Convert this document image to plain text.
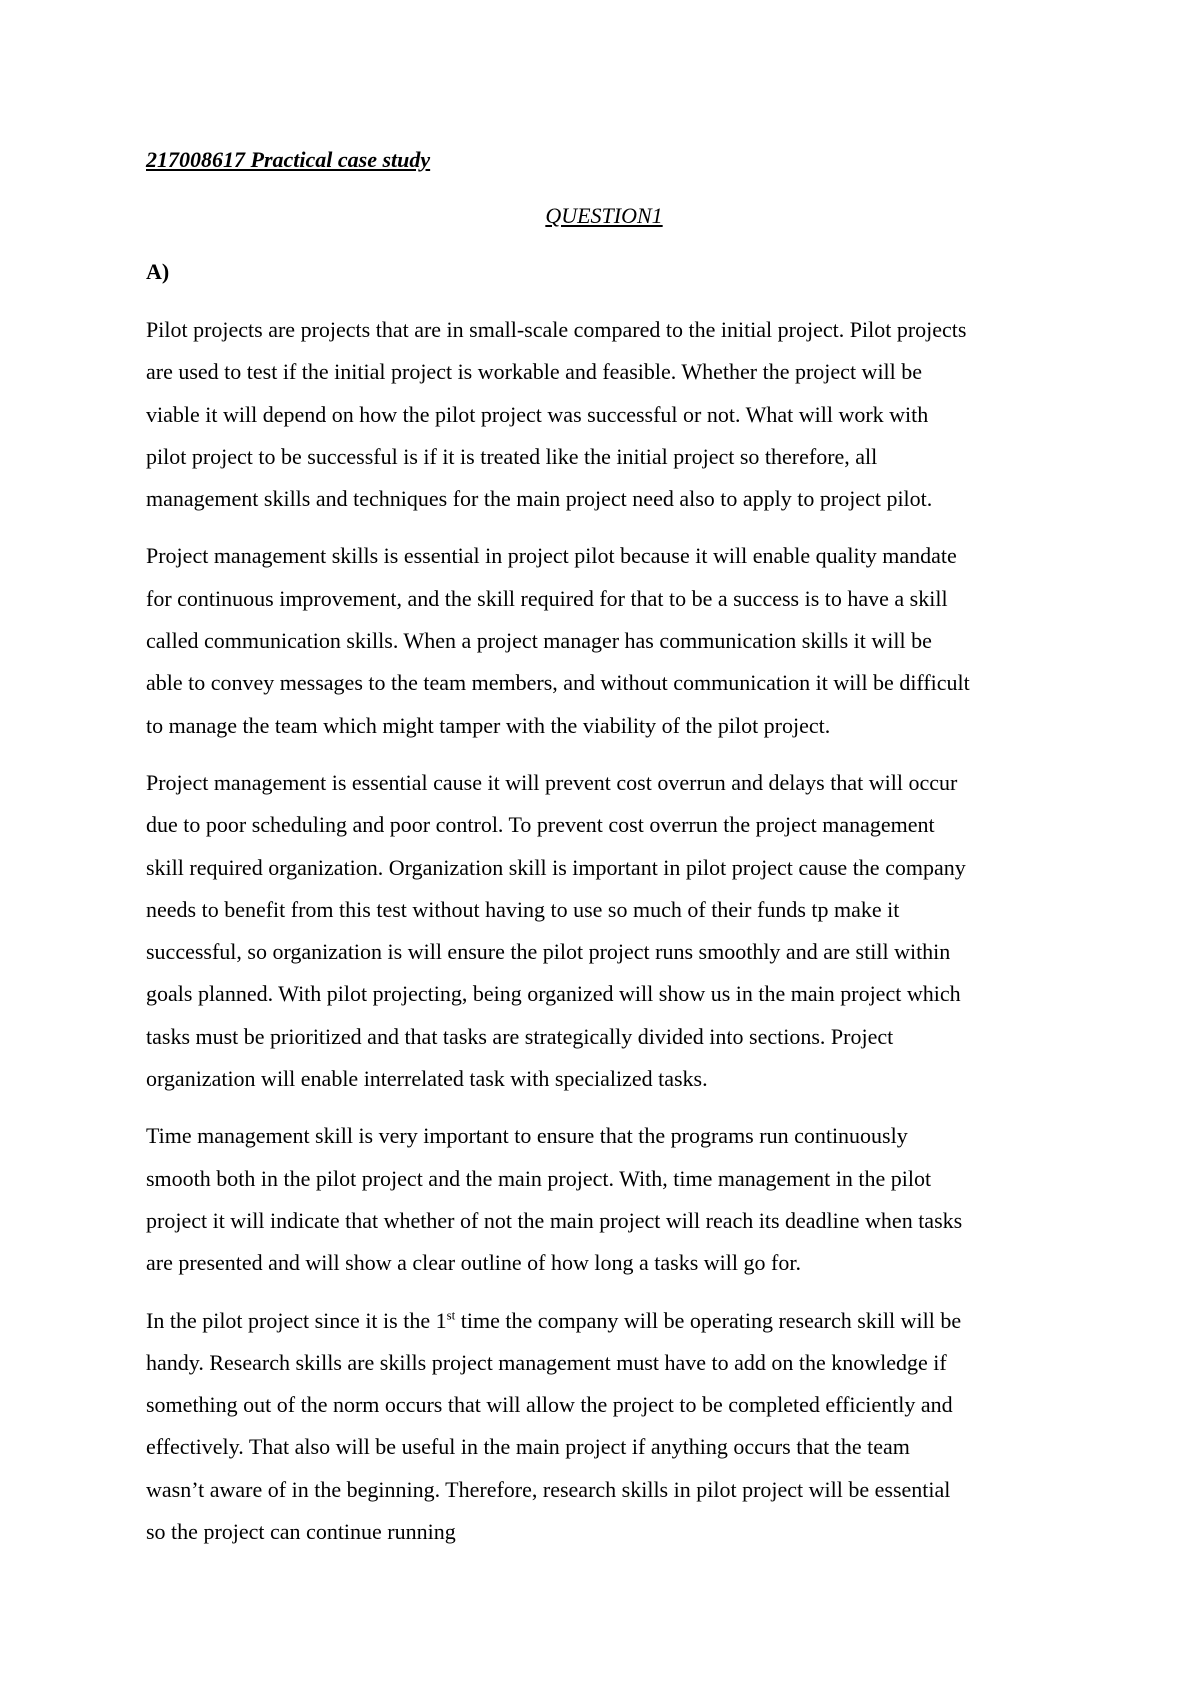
217008617 Practical case study

QUESTION1

A)

Pilot projects are projects that are in small-scale compared to the initial project. Pilot projects
are used to test if the initial project is workable and feasible. Whether the project will be
viable it will depend on how the pilot project was successful or not. What will work with
pilot project to be successful is if it is treated like the initial project so therefore, all
management skills and techniques for the main project need also to apply to project pilot.

Project management skills is essential in project pilot because it will enable quality mandate
for continuous improvement, and the skill required for that to be a success is to have a skill
called communication skills. When a project manager has communication skills it will be
able to convey messages to the team members, and without communication it will be difficult
to manage the team which might tamper with the viability of the pilot project.

Project management is essential cause it will prevent cost overrun and delays that will occur
due to poor scheduling and poor control. To prevent cost overrun the project management
skill required organization. Organization skill is important in pilot project cause the company
needs to benefit from this test without having to use so much of their funds tp make it
successful, so organization is will ensure the pilot project runs smoothly and are still within
goals planned. With pilot projecting, being organized will show us in the main project which
tasks must be prioritized and that tasks are strategically divided into sections. Project
organization will enable interrelated task with specialized tasks.

Time management skill is very important to ensure that the programs run continuously
smooth both in the pilot project and the main project. With, time management in the pilot
project it will indicate that whether of not the main project will reach its deadline when tasks
are presented and will show a clear outline of how long a tasks will go for.

In the pilot project since it is the 1st time the company will be operating research skill will be
handy. Research skills are skills project management must have to add on the knowledge if
something out of the norm occurs that will allow the project to be completed efficiently and
effectively. That also will be useful in the main project if anything occurs that the team
wasn’t aware of in the beginning. Therefore, research skills in pilot project will be essential
so the project can continue running
